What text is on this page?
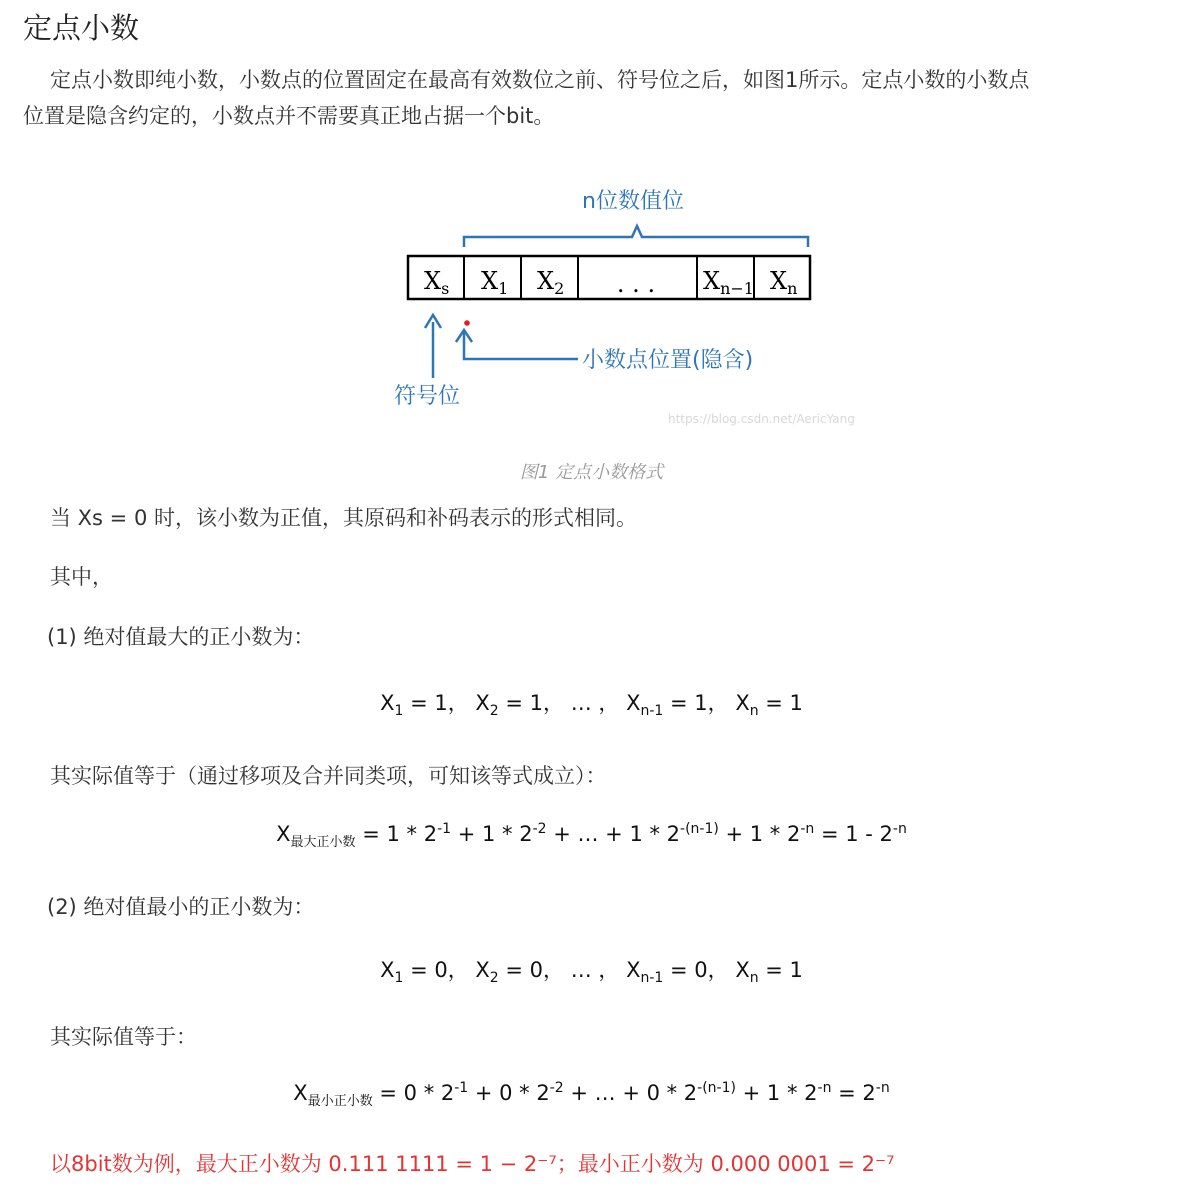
定点小数
定点小数即纯小数，小数点的位置固定在最高有效数位之前、符号位之后，如图1所示。定点小数的小数点
位置是隐含约定的，小数点并不需要真正地占据一个bit。
n位数值位
$X_s$ $X_1$ $X_2$ . . . $X_{n-1}$ $X_n$
符号位
小数点位置(隐含)
https://blog.csdn.net/AericYang
图1 定点小数格式
当 Xs = 0 时，该小数为正值，其原码和补码表示的形式相同。
其中，
(1) 绝对值最大的正小数为：
$X_1 = 1$， $X_2 = 1$， … ， $X_{n-1} = 1$， $X_n = 1$
其实际值等于（通过移项及合并同类项，可知该等式成立）：
$X_{最大正小数} = 1 * 2^{-1} + 1 * 2^{-2}$ + … + $1 * 2^{-(n-1)} + 1 * 2^{-n} = 1 - 2^{-n}$
(2) 绝对值最小的正小数为：
$X_1 = 0$， $X_2 = 0$， … ， $X_{n-1} = 0$， $X_n = 1$
其实际值等于：
$X_{最小正小数} = 0 * 2^{-1} + 0 * 2^{-2}$ + … + $0 * 2^{-(n-1)} + 1 * 2^{-n} = 2^{-n}$
以8bit数为例，最大正小数为 0.111 1111 = 1 − 2⁻⁷；最小正小数为 0.000 0001 = 2⁻⁷
